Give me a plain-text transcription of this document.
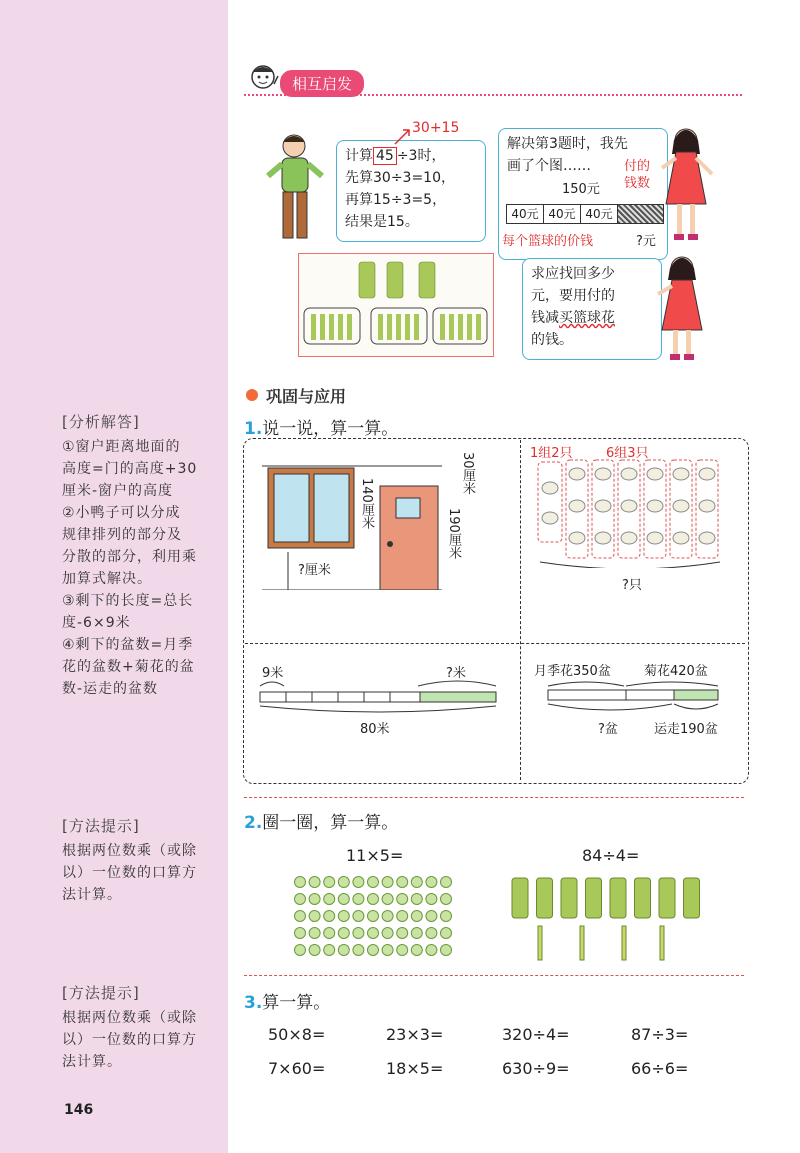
[分析解答]
①窗户距离地面的
高度=门的高度+30
厘米-窗户的高度
②小鸭子可以分成
规律排列的部分及
分散的部分，利用乘
加算式解决。
③剩下的长度=总长
度-6×9米
④剩下的盆数=月季
花的盆数+菊花的盆
数-运走的盆数
[方法提示]
根据两位数乘（或除
以）一位数的口算方
法计算。
[方法提示]
根据两位数乘（或除
以）一位数的口算方
法计算。
146
相互启发
计算 45 ÷3时，
先算30÷3=10，
再算15÷3=5，
结果是15。
30+15
解决第3题时，我先
画了个图……
150元
付的
钱数
40元 40元 40元
每个篮球的价钱	?元
求应找回多少
元，要用付的
钱减买篮球花
的钱。
巩固与应用
1.说一说，算一算。
140厘米
30厘米
190厘米
?厘米
1组2只	6组3只
?只
9米	?米
80米
月季花350盆	菊花420盆
?盆	运走190盆
2.圈一圈，算一算。
11×5=	84÷4=
3.算一算。
50×8=	23×3=	320÷4=	87÷3=
7×60=	18×5=	630÷9=	66÷6=
